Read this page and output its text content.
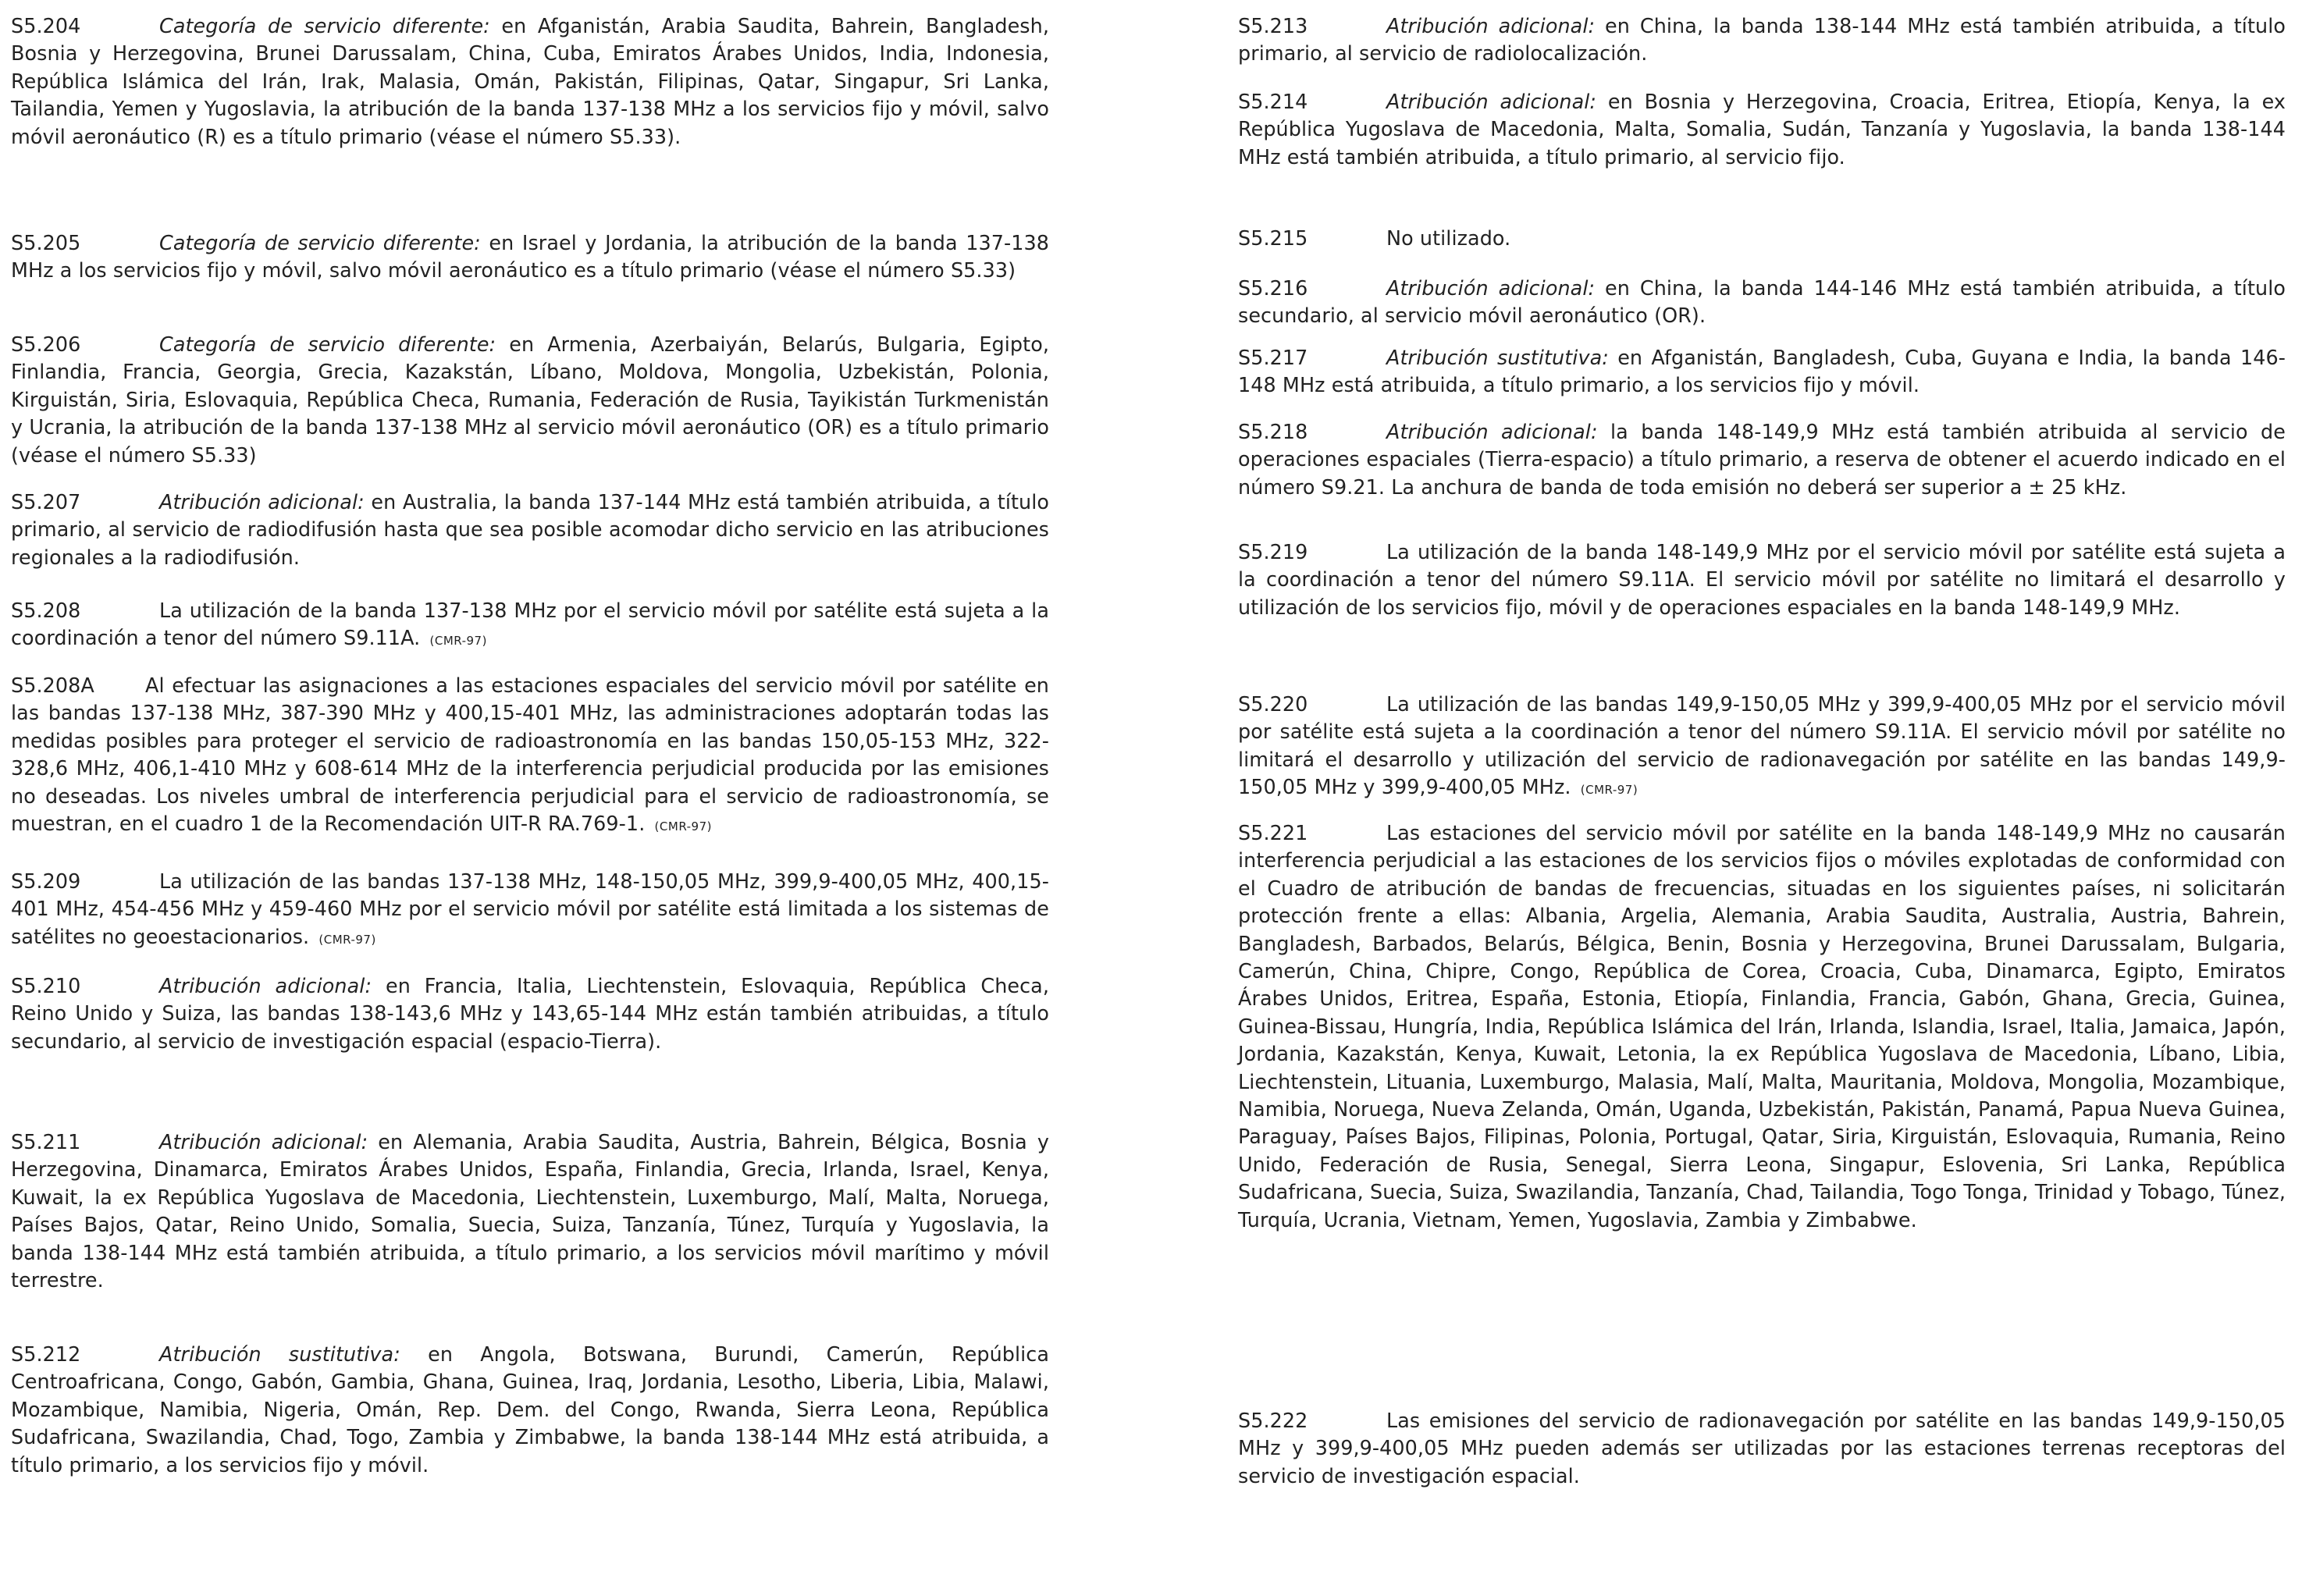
S5.204	Categoría de servicio diferente: en Afganistán, Arabia Saudita, Bahrein, Bangladesh, Bosnia y Herzegovina, Brunei Darussalam, China, Cuba, Emiratos Árabes Unidos, India, Indonesia, República Islámica del Irán, Irak, Malasia, Omán, Pakistán, Filipinas, Qatar, Singapur, Sri Lanka, Tailandia, Yemen y Yugoslavia, la atribución de la banda 137-138 MHz a los servicios fijo y móvil, salvo móvil aeronáutico (R) es a título primario (véase el número S5.33).

S5.205	Categoría de servicio diferente: en Israel y Jordania, la atribución de la banda 137-138 MHz a los servicios fijo y móvil, salvo móvil aeronáutico es a título primario (véase el número S5.33)

S5.206	Categoría de servicio diferente: en Armenia, Azerbaiyán, Belarús, Bulgaria, Egipto, Finlandia, Francia, Georgia, Grecia, Kazakstán, Líbano, Moldova, Mongolia, Uzbekistán, Polonia, Kirguistán, Siria, Eslovaquia, República Checa, Rumania, Federación de Rusia, Tayikistán Turkmenistán y Ucrania, la atribución de la banda 137-138 MHz al servicio móvil aeronáutico (OR) es a título primario (véase el número S5.33)

S5.207	Atribución adicional: en Australia, la banda 137-144 MHz está también atribuida, a título primario, al servicio de radiodifusión hasta que sea posible acomodar dicho servicio en las atribuciones regionales a la radiodifusión.

S5.208	La utilización de la banda 137-138 MHz por el servicio móvil por satélite está sujeta a la coordinación a tenor del número S9.11A. (CMR-97)

S5.208A	Al efectuar las asignaciones a las estaciones espaciales del servicio móvil por satélite en las bandas 137-138 MHz, 387-390 MHz y 400,15-401 MHz, las administraciones adoptarán todas las medidas posibles para proteger el servicio de radioastronomía en las bandas 150,05-153 MHz, 322-328,6 MHz, 406,1-410 MHz y 608-614 MHz de la interferencia perjudicial producida por las emisiones no deseadas. Los niveles umbral de interferencia perjudicial para el servicio de radioastronomía, se muestran, en el cuadro 1 de la Recomendación UIT-R RA.769-1. (CMR-97)

S5.209	La utilización de las bandas 137-138 MHz, 148-150,05 MHz, 399,9-400,05 MHz, 400,15-401 MHz, 454-456 MHz y 459-460 MHz por el servicio móvil por satélite está limitada a los sistemas de satélites no geoestacionarios. (CMR-97)

S5.210	Atribución adicional: en Francia, Italia, Liechtenstein, Eslovaquia, República Checa, Reino Unido y Suiza, las bandas 138-143,6 MHz y 143,65-144 MHz están también atribuidas, a título secundario, al servicio de investigación espacial (espacio-Tierra).

S5.211	Atribución adicional: en Alemania, Arabia Saudita, Austria, Bahrein, Bélgica, Bosnia y Herzegovina, Dinamarca, Emiratos Árabes Unidos, España, Finlandia, Grecia, Irlanda, Israel, Kenya, Kuwait, la ex República Yugoslava de Macedonia, Liechtenstein, Luxemburgo, Malí, Malta, Noruega, Países Bajos, Qatar, Reino Unido, Somalia, Suecia, Suiza, Tanzanía, Túnez, Turquía y Yugoslavia, la banda 138-144 MHz está también atribuida, a título primario, a los servicios móvil marítimo y móvil terrestre.

S5.212	Atribución sustitutiva: en Angola, Botswana, Burundi, Camerún, República Centroafricana, Congo, Gabón, Gambia, Ghana, Guinea, Iraq, Jordania, Lesotho, Liberia, Libia, Malawi, Mozambique, Namibia, Nigeria, Omán, Rep. Dem. del Congo, Rwanda, Sierra Leona, República Sudafricana, Swazilandia, Chad, Togo, Zambia y Zimbabwe, la banda 138-144 MHz está atribuida, a título primario, a los servicios fijo y móvil.

S5.213	Atribución adicional: en China, la banda 138-144 MHz está también atribuida, a título primario, al servicio de radiolocalización.

S5.214	Atribución adicional: en Bosnia y Herzegovina, Croacia, Eritrea, Etiopía, Kenya, la ex República Yugoslava de Macedonia, Malta, Somalia, Sudán, Tanzanía y Yugoslavia, la banda 138-144 MHz está también atribuida, a título primario, al servicio fijo.

S5.215	No utilizado.

S5.216	Atribución adicional: en China, la banda 144-146 MHz está también atribuida, a título secundario, al servicio móvil aeronáutico (OR).

S5.217	Atribución sustitutiva: en Afganistán, Bangladesh, Cuba, Guyana e India, la banda 146-148 MHz está atribuida, a título primario, a los servicios fijo y móvil.

S5.218	Atribución adicional: la banda 148-149,9 MHz está también atribuida al servicio de operaciones espaciales (Tierra-espacio) a título primario, a reserva de obtener el acuerdo indicado en el número S9.21. La anchura de banda de toda emisión no deberá ser superior a ± 25 kHz.

S5.219	La utilización de la banda 148-149,9 MHz por el servicio móvil por satélite está sujeta a la coordinación a tenor del número S9.11A. El servicio móvil por satélite no limitará el desarrollo y utilización de los servicios fijo, móvil y de operaciones espaciales en la banda 148-149,9 MHz.

S5.220	La utilización de las bandas 149,9-150,05 MHz y 399,9-400,05 MHz por el servicio móvil por satélite está sujeta a la coordinación a tenor del número S9.11A. El servicio móvil por satélite no limitará el desarrollo y utilización del servicio de radionavegación por satélite en las bandas 149,9-150,05 MHz y 399,9-400,05 MHz. (CMR-97)

S5.221	Las estaciones del servicio móvil por satélite en la banda 148-149,9 MHz no causarán interferencia perjudicial a las estaciones de los servicios fijos o móviles explotadas de conformidad con el Cuadro de atribución de bandas de frecuencias, situadas en los siguientes países, ni solicitarán protección frente a ellas: Albania, Argelia, Alemania, Arabia Saudita, Australia, Austria, Bahrein, Bangladesh, Barbados, Belarús, Bélgica, Benin, Bosnia y Herzegovina, Brunei Darussalam, Bulgaria, Camerún, China, Chipre, Congo, República de Corea, Croacia, Cuba, Dinamarca, Egipto, Emiratos Árabes Unidos, Eritrea, España, Estonia, Etiopía, Finlandia, Francia, Gabón, Ghana, Grecia, Guinea, Guinea-Bissau, Hungría, India, República Islámica del Irán, Irlanda, Islandia, Israel, Italia, Jamaica, Japón, Jordania, Kazakstán, Kenya, Kuwait, Letonia, la ex República Yugoslava de Macedonia, Líbano, Libia, Liechtenstein, Lituania, Luxemburgo, Malasia, Malí, Malta, Mauritania, Moldova, Mongolia, Mozambique, Namibia, Noruega, Nueva Zelanda, Omán, Uganda, Uzbekistán, Pakistán, Panamá, Papua Nueva Guinea, Paraguay, Países Bajos, Filipinas, Polonia, Portugal, Qatar, Siria, Kirguistán, Eslovaquia, Rumania, Reino Unido, Federación de Rusia, Senegal, Sierra Leona, Singapur, Eslovenia, Sri Lanka, República Sudafricana, Suecia, Suiza, Swazilandia, Tanzanía, Chad, Tailandia, Togo Tonga, Trinidad y Tobago, Túnez, Turquía, Ucrania, Vietnam, Yemen, Yugoslavia, Zambia y Zimbabwe.

S5.222	Las emisiones del servicio de radionavegación por satélite en las bandas 149,9-150,05 MHz y 399,9-400,05 MHz pueden además ser utilizadas por las estaciones terrenas receptoras del servicio de investigación espacial.
